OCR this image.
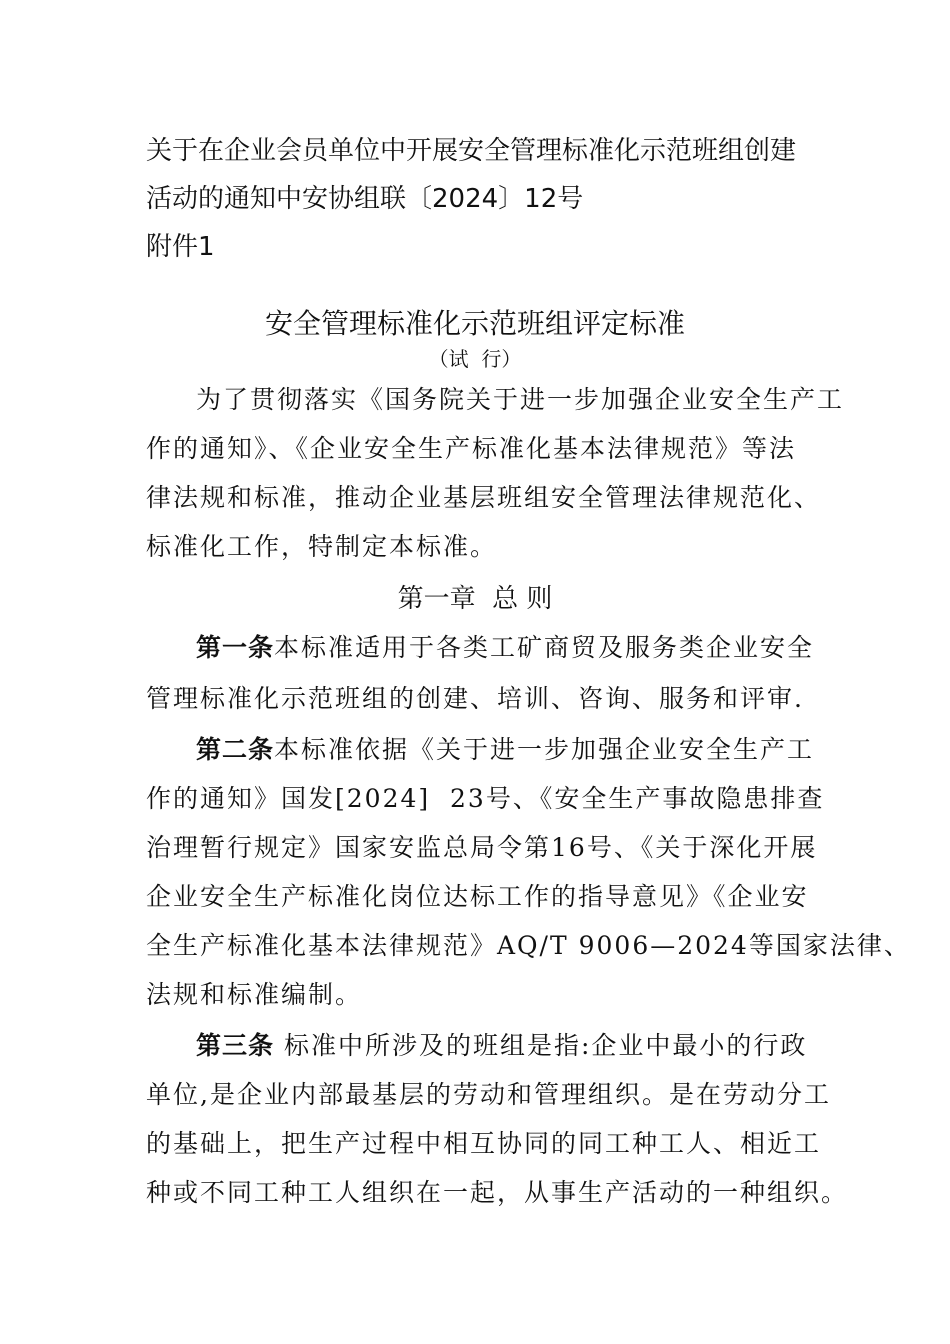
关于在企业会员单位中开展安全管理标准化示范班组创建
活动的通知中安协组联〔2024〕12号
附件1
安全管理标准化示范班组评定标准
（试  行）
为了贯彻落实《国务院关于进一步加强企业安全生产工
作的通知》、《企业安全生产标准化基本法律规范》等法
律法规和标准，推动企业基层班组安全管理法律规范化、
标准化工作，特制定本标准。
第一章  总 则
第一条本标准适用于各类工矿商贸及服务类企业安全
管理标准化示范班组的创建、培训、咨询、服务和评审.
第二条本标准依据《关于进一步加强企业安全生产工
作的通知》国发[2024]  23号、《安全生产事故隐患排查
治理暂行规定》国家安监总局令第16号、《关于深化开展
企业安全生产标准化岗位达标工作的指导意见》《企业安
全生产标准化基本法律规范》AQ/T 9006—2024等国家法律、
法规和标准编制。
第三条 标准中所涉及的班组是指:企业中最小的行政
单位,是企业内部最基层的劳动和管理组织。是在劳动分工
的基础上，把生产过程中相互协同的同工种工人、相近工
种或不同工种工人组织在一起，从事生产活动的一种组织。
